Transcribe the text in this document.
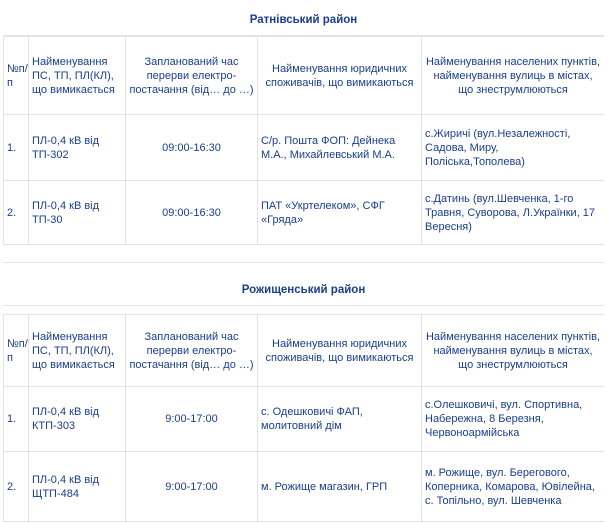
Ратнівський район
№п/п	Найменування ПС, ТП, ПЛ(КЛ), що вимикається	Запланований час перерви електро-постачання (від… до …)	Найменування юридичних споживачів, що вимикаються	Найменування населених пунктів, найменування вулиць в містах, що знеструмлюються
1.	ПЛ-0,4 кВ від ТП-302	09:00-16:30	С/р. Пошта ФОП: Дейнека М.А., Михайлевський М.А.	с.Жиричі (вул.Незалежності, Садова, Миру, Поліська,Тополева)
2.	ПЛ-0,4 кВ від ТП-30	09:00-16:30	ПАТ «Укртелеком», СФГ «Гряда»	с.Датинь (вул.Шевченка, 1-го Травня, Суворова, Л.Українки, 17 Вересня)
Рожищенський район
№п/п	Найменування ПС, ТП, ПЛ(КЛ), що вимикається	Запланований час перерви електро-постачання (від… до …)	Найменування юридичних споживачів, що вимикаються	Найменування населених пунктів, найменування вулиць в містах, що знеструмлюються
1.	ПЛ-0,4 кВ від КТП-303	9:00-17:00	с. Одешковичі ФАП, молитовний дім	с.Олешковичі, вул. Спортивна, Набережна, 8 Березня, Червоноармійська
2.	ПЛ-0,4 кВ від ЩТП-484	9:00-17:00	м. Рожище магазин, ГРП	м. Рожище, вул. Берегового, Коперника, Комарова, Ювілейна, с. Топільно, вул. Шевченка
